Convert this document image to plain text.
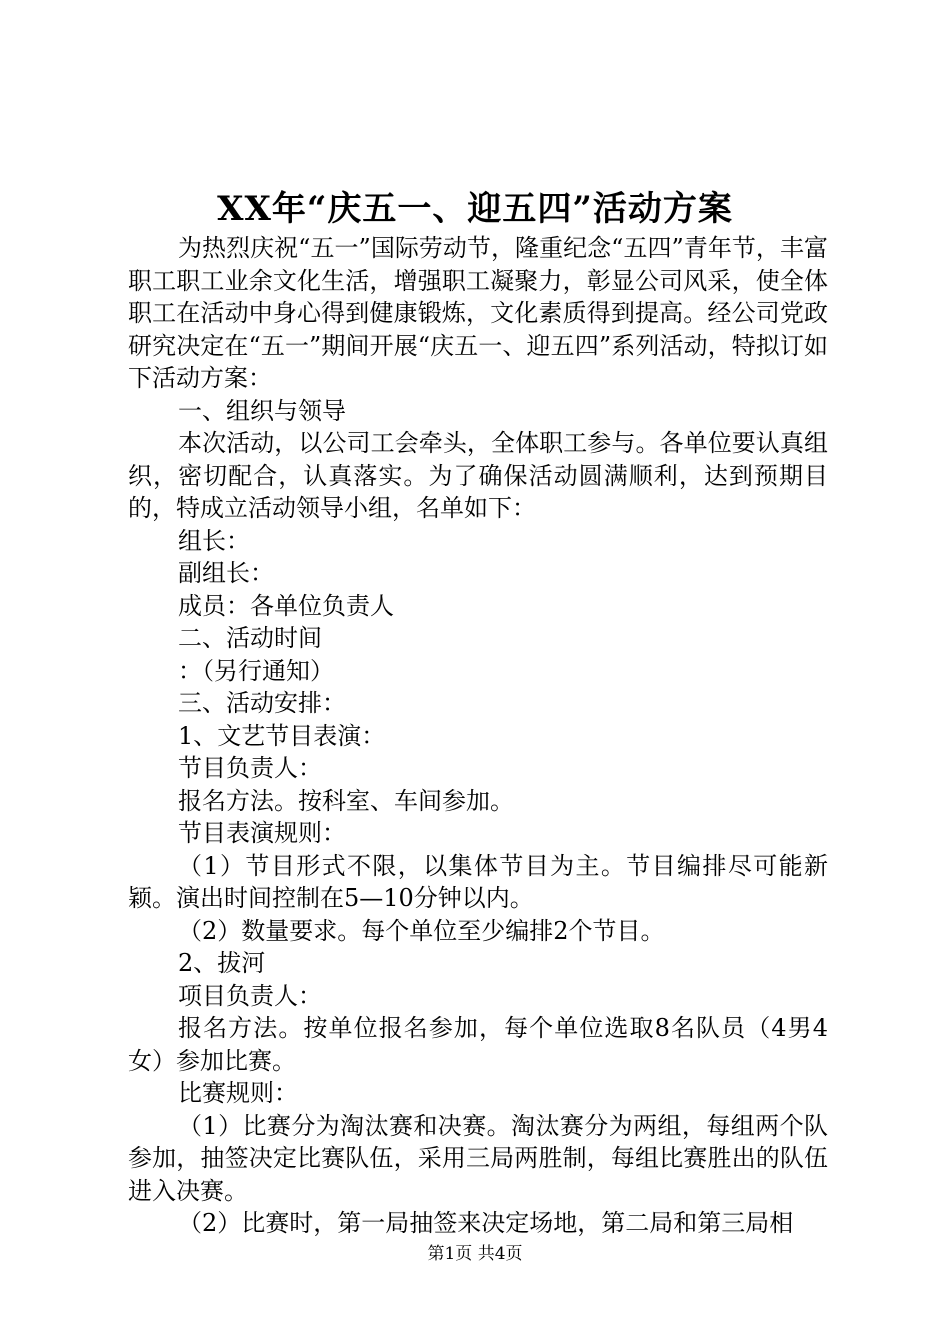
XX年“庆五一、迎五四”活动方案

为热烈庆祝“五一”国际劳动节，隆重纪念“五四”青年节，丰富职工职工业余文化生活，增强职工凝聚力，彰显公司风采，使全体职工在活动中身心得到健康锻炼，文化素质得到提高。经公司党政研究决定在“五一”期间开展“庆五一、迎五四”系列活动，特拟订如下活动方案：

一、组织与领导

本次活动，以公司工会牵头，全体职工参与。各单位要认真组织，密切配合，认真落实。为了确保活动圆满顺利，达到预期目的，特成立活动领导小组，名单如下：

组长：

副组长：

成员：各单位负责人

二、活动时间

：（另行通知）

三、活动安排：

1、文艺节目表演：

节目负责人：

报名方法。按科室、车间参加。

节目表演规则：

（1）节目形式不限，以集体节目为主。节目编排尽可能新颖。演出时间控制在5—10分钟以内。

（2）数量要求。每个单位至少编排2个节目。

2、拔河

项目负责人：

报名方法。按单位报名参加，每个单位选取8名队员（4男4女）参加比赛。

比赛规则：

（1）比赛分为淘汰赛和决赛。淘汰赛分为两组，每组两个队参加，抽签决定比赛队伍，采用三局两胜制，每组比赛胜出的队伍进入决赛。

（2）比赛时，第一局抽签来决定场地，第二局和第三局相

第1页 共4页
